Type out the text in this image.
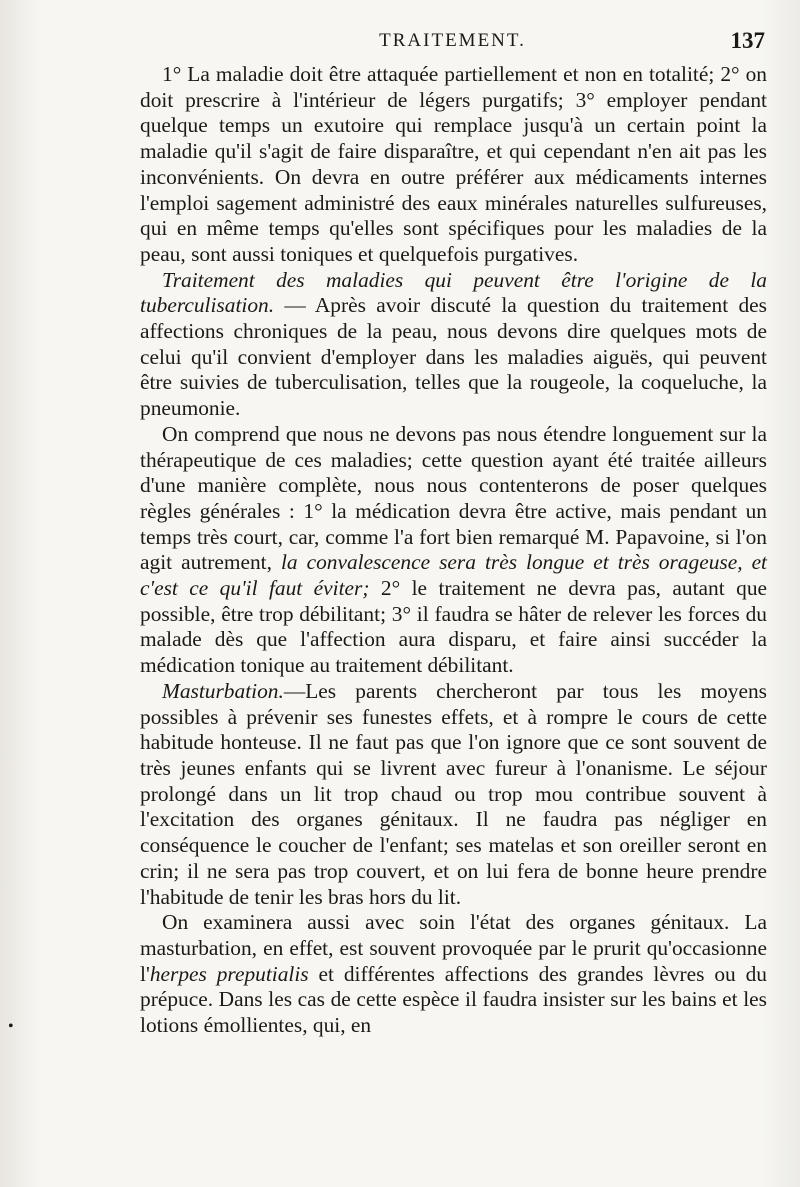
TRAITEMENT.	137
•

1° La maladie doit être attaquée partiellement et non en totalité; 2° on doit prescrire à l'intérieur de légers purgatifs; 3° employer pendant quelque temps un exutoire qui remplace jusqu'à un certain point la maladie qu'il s'agit de faire disparaître, et qui cependant n'en ait pas les inconvénients. On devra en outre préférer aux médicaments internes l'emploi sagement administré des eaux minérales naturelles sulfureuses, qui en même temps qu'elles sont spécifiques pour les maladies de la peau, sont aussi toniques et quelquefois purgatives.

Traitement des maladies qui peuvent être l'origine de la tuberculisation. — Après avoir discuté la question du traitement des affections chroniques de la peau, nous devons dire quelques mots de celui qu'il convient d'employer dans les maladies aiguës, qui peuvent être suivies de tuberculisation, telles que la rougeole, la coqueluche, la pneumonie.

On comprend que nous ne devons pas nous étendre longuement sur la thérapeutique de ces maladies; cette question ayant été traitée ailleurs d'une manière complète, nous nous contenterons de poser quelques règles générales : 1° la médication devra être active, mais pendant un temps très court, car, comme l'a fort bien remarqué M. Papavoine, si l'on agit autrement, la convalescence sera très longue et très orageuse, et c'est ce qu'il faut éviter; 2° le traitement ne devra pas, autant que possible, être trop débilitant; 3° il faudra se hâter de relever les forces du malade dès que l'affection aura disparu, et faire ainsi succéder la médication tonique au traitement débilitant.

Masturbation.—Les parents chercheront par tous les moyens possibles à prévenir ses funestes effets, et à rompre le cours de cette habitude honteuse. Il ne faut pas que l'on ignore que ce sont souvent de très jeunes enfants qui se livrent avec fureur à l'onanisme. Le séjour prolongé dans un lit trop chaud ou trop mou contribue souvent à l'excitation des organes génitaux. Il ne faudra pas négliger en conséquence le coucher de l'enfant; ses matelas et son oreiller seront en crin; il ne sera pas trop couvert, et on lui fera de bonne heure prendre l'habitude de tenir les bras hors du lit.

On examinera aussi avec soin l'état des organes génitaux. La masturbation, en effet, est souvent provoquée par le prurit qu'occasionne l'herpes preputialis et différentes affections des grandes lèvres ou du prépuce. Dans les cas de cette espèce il faudra insister sur les bains et les lotions émollientes, qui, en
